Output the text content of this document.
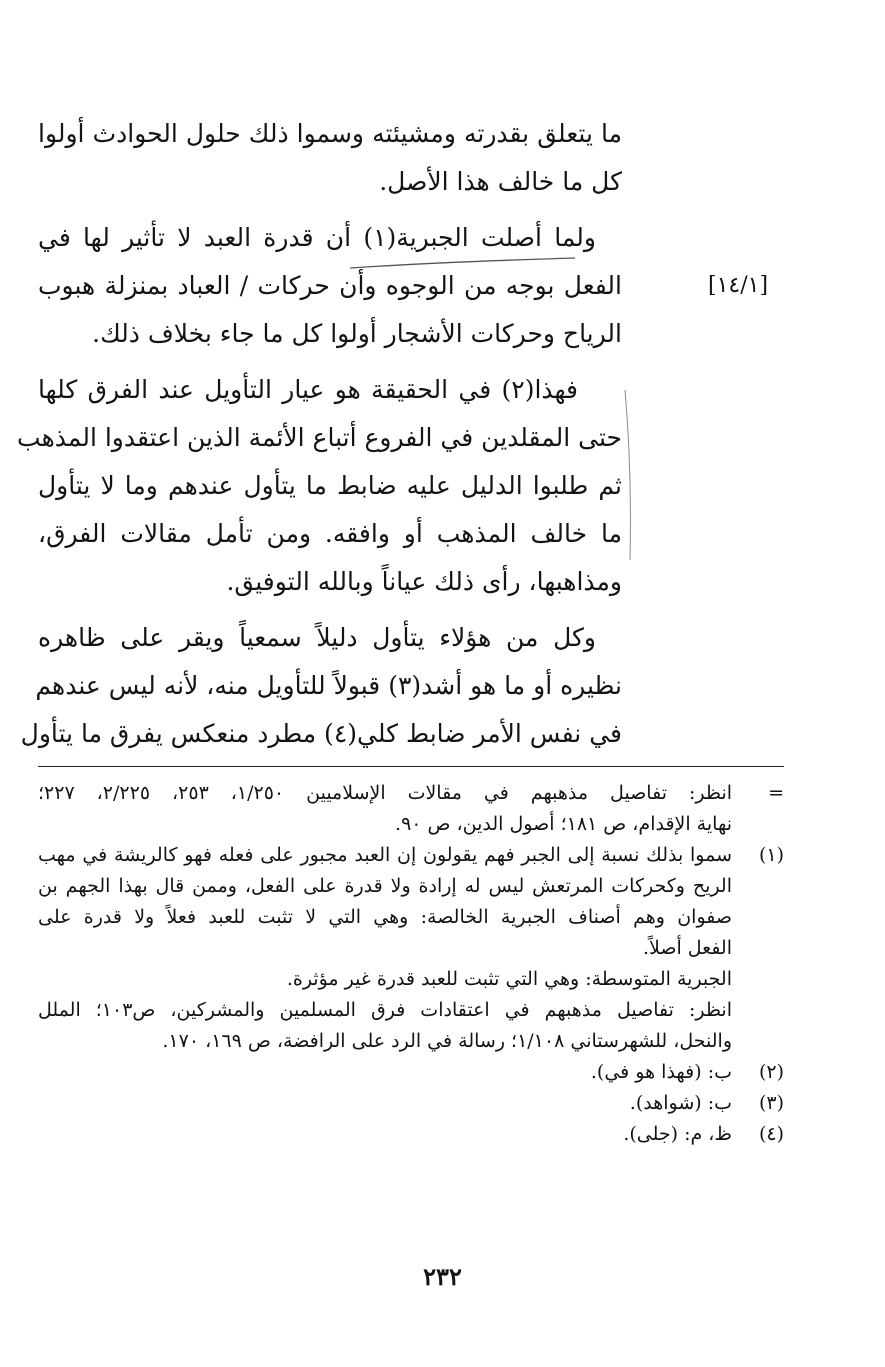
ما يتعلق بقدرته ومشيئته وسموا ذلك حلول الحوادث أولوا
كل ما خالف هذا الأصل.
ولما أصلت الجبرية(١) أن قدرة العبد لا تأثير لها في
الفعل بوجه من الوجوه وأن حركات / العباد بمنزلة هبوب
الرياح وحركات الأشجار أولوا كل ما جاء بخلاف ذلك.
فهذا(٢) في الحقيقة هو عيار التأويل عند الفرق كلها
حتى المقلدين في الفروع أتباع الأئمة الذين اعتقدوا المذهب
ثم طلبوا الدليل عليه ضابط ما يتأول عندهم وما لا يتأول
ما خالف المذهب أو وافقه. ومن تأمل مقالات الفرق،
ومذاهبها، رأى ذلك عياناً وبالله التوفيق.
وكل من هؤلاء يتأول دليلاً سمعياً ويقر على ظاهره
نظيره أو ما هو أشد(٣) قبولاً للتأويل منه، لأنه ليس عندهم
في نفس الأمر ضابط كلي(٤) مطرد منعكس يفرق ما يتأول
[١٤/١]
=
انظر: تفاصيل مذهبهم في مقالات الإسلاميين ١/٢٥٠، ٢٥٣، ٢/٢٢٥، ٢٢٧؛
نهاية الإقدام، ص ١٨١؛ أصول الدين، ص ٩٠.
(١)
سموا بذلك نسبة إلى الجبر فهم يقولون إن العبد مجبور على فعله فهو كالريشة في مهب
الريح وكحركات المرتعش ليس له إرادة ولا قدرة على الفعل، وممن قال بهذا الجهم بن
صفوان وهم أصناف الجبرية الخالصة: وهي التي لا تثبت للعبد فعلاً ولا قدرة على
الفعل أصلاً.
الجبرية المتوسطة: وهي التي تثبت للعبد قدرة غير مؤثرة.
انظر: تفاصيل مذهبهم في اعتقادات فرق المسلمين والمشركين، ص١٠٣؛ الملل
والنحل، للشهرستاني ١/١٠٨؛ رسالة في الرد على الرافضة، ص ١٦٩، ١٧٠.
(٢)
ب: (فهذا هو في).
(٣)
ب: (شواهد).
(٤)
ظ، م: (جلى).
٢٣٢
